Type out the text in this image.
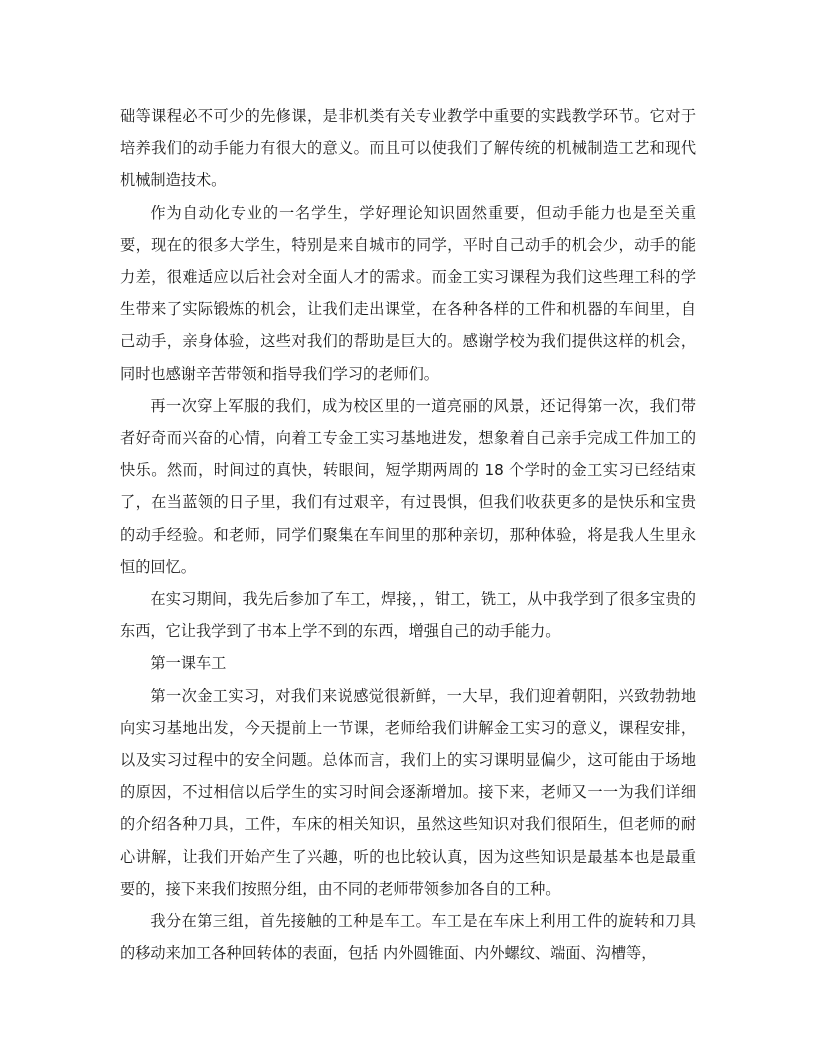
础等课程必不可少的先修课，是非机类有关专业教学中重要的实践教学环节。它对于培养我们的动手能力有很大的意义。而且可以使我们了解传统的机械制造工艺和现代机械制造技术。

作为自动化专业的一名学生，学好理论知识固然重要，但动手能力也是至关重要，现在的很多大学生，特别是来自城市的同学，平时自己动手的机会少，动手的能力差，很难适应以后社会对全面人才的需求。而金工实习课程为我们这些理工科的学生带来了实际锻炼的机会，让我们走出课堂，在各种各样的工件和机器的车间里，自己动手，亲身体验，这些对我们的帮助是巨大的。感谢学校为我们提供这样的机会，同时也感谢辛苦带领和指导我们学习的老师们。

再一次穿上军服的我们，成为校区里的一道亮丽的风景，还记得第一次，我们带者好奇而兴奋的心情，向着工专金工实习基地进发，想象着自己亲手完成工件加工的快乐。然而，时间过的真快，转眼间，短学期两周的 18 个学时的金工实习已经结束了，在当蓝领的日子里，我们有过艰辛，有过畏惧，但我们收获更多的是快乐和宝贵的动手经验。和老师，同学们聚集在车间里的那种亲切，那种体验，将是我人生里永恒的回忆。

在实习期间，我先后参加了车工，焊接，，钳工，铣工，从中我学到了很多宝贵的东西，它让我学到了书本上学不到的东西，增强自己的动手能力。

第一课车工

第一次金工实习，对我们来说感觉很新鲜，一大早，我们迎着朝阳，兴致勃勃地向实习基地出发，今天提前上一节课，老师给我们讲解金工实习的意义，课程安排，以及实习过程中的安全问题。总体而言，我们上的实习课明显偏少，这可能由于场地的原因，不过相信以后学生的实习时间会逐渐增加。接下来，老师又一一为我们详细的介绍各种刀具，工件，车床的相关知识，虽然这些知识对我们很陌生，但老师的耐心讲解，让我们开始产生了兴趣，听的也比较认真，因为这些知识是最基本也是最重要的，接下来我们按照分组，由不同的老师带领参加各自的工种。

我分在第三组，首先接触的工种是车工。车工是在车床上利用工件的旋转和刀具的移动来加工各种回转体的表面，包括 内外圆锥面、内外螺纹、端面、沟槽等，
